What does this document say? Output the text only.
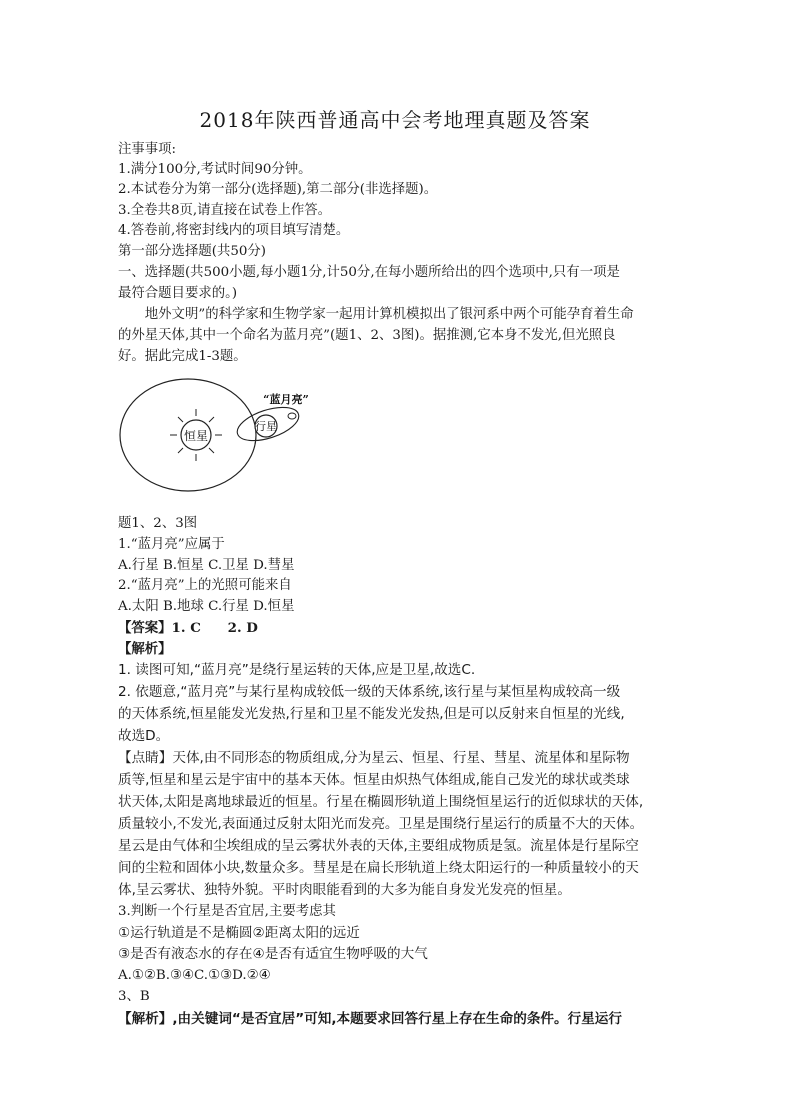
2018年陕西普通高中会考地理真题及答案
注事事项:
1.满分100分,考试时间90分钟。
2.本试卷分为第一部分(选择题),第二部分(非选择题)。
3.全卷共8页,请直接在试卷上作答。
4.答卷前,将密封线内的项目填写清楚。
第一部分选择题(共50分)
一、选择题(共500小题,每小题1分,计50分,在每小题所给出的四个选项中,只有一项是
最符合题目要求的。)
　　地外文明”的科学家和生物学家一起用计算机模拟出了银河系中两个可能孕育着生命
的外星天体,其中一个命名为蓝月亮”(题1、2、3图)。据推测,它本身不发光,但光照良
好。据此完成1-3题。
恒星
行星
“蓝月亮”
题1、2、3图
1.“蓝月亮”应属于
A.行星 B.恒星 C.卫星 D.彗星
2.“蓝月亮”上的光照可能来自
A.太阳 B.地球 C.行星 D.恒星
【答案】1. C　　2. D
【解析】
1. 读图可知,“蓝月亮”是绕行星运转的天体,应是卫星,故选C.
2. 依题意,“蓝月亮”与某行星构成较低一级的天体系统,该行星与某恒星构成较高一级
的天体系统,恒星能发光发热,行星和卫星不能发光发热,但是可以反射来自恒星的光线,
故选D。
【点睛】天体,由不同形态的物质组成,分为星云、恒星、行星、彗星、流星体和星际物
质等,恒星和星云是宇宙中的基本天体。恒星由炽热气体组成,能自己发光的球状或类球
状天体,太阳是离地球最近的恒星。行星在椭圆形轨道上围绕恒星运行的近似球状的天体,
质量较小,不发光,表面通过反射太阳光而发亮。卫星是围绕行星运行的质量不大的天体。
星云是由气体和尘埃组成的呈云雾状外表的天体,主要组成物质是氢。流星体是行星际空
间的尘粒和固体小块,数量众多。彗星是在扁长形轨道上绕太阳运行的一种质量较小的天
体,呈云雾状、独特外貌。平时肉眼能看到的大多为能自身发光发亮的恒星。
3.判断一个行星是否宜居,主要考虑其
①运行轨道是不是椭圆②距离太阳的远近
③是否有液态水的存在④是否有适宜生物呼吸的大气
A.①②B.③④C.①③D.②④
3、B
【解析】,由关键词“是否宜居”可知,本题要求回答行星上存在生命的条件。行星运行
